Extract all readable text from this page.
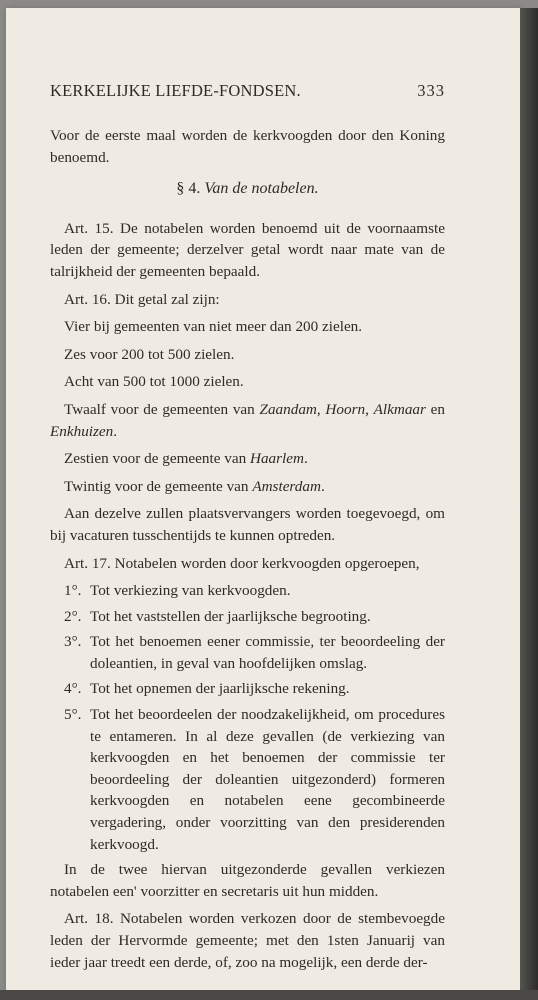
KERKELIJKE LIEFDE-FONDSEN.	333
Voor de eerste maal worden de kerkvoogden door den Koning benoemd.
§ 4. Van de notabelen.
Art. 15. De notabelen worden benoemd uit de voornaamste leden der gemeente; derzelver getal wordt naar mate van de talrijkheid der gemeenten bepaald.
Art. 16. Dit getal zal zijn:
Vier bij gemeenten van niet meer dan 200 zielen.
Zes voor 200 tot 500 zielen.
Acht van 500 tot 1000 zielen.
Twaalf voor de gemeenten van Zaandam, Hoorn, Alkmaar en Enkhuizen.
Zestien voor de gemeente van Haarlem.
Twintig voor de gemeente van Amsterdam.
Aan dezelve zullen plaatsvervangers worden toegevoegd, om bij vacaturen tusschentijds te kunnen optreden.
Art. 17. Notabelen worden door kerkvoogden opgeroepen,
1°. Tot verkiezing van kerkvoogden.
2°. Tot het vaststellen der jaarlijksche begrooting.
3°. Tot het benoemen eener commissie, ter beoordeeling der doleantien, in geval van hoofdelijken omslag.
4°. Tot het opnemen der jaarlijksche rekening.
5°. Tot het beoordeelen der noodzakelijkheid, om procedures te entameren. In al deze gevallen (de verkiezing van kerkvoogden en het benoemen der commissie ter beoordeeling der doleantien uitgezonderd) formeren kerkvoogden en notabelen eene gecombineerde vergadering, onder voorzitting van den presiderenden kerkvoogd.
In de twee hiervan uitgezonderde gevallen verkiezen notabelen een' voorzitter en secretaris uit hun midden.
Art. 18. Notabelen worden verkozen door de stembevoegde leden der Hervormde gemeente; met den 1sten Januarij van ieder jaar treedt een derde, of, zoo na mogelijk, een derde der-
